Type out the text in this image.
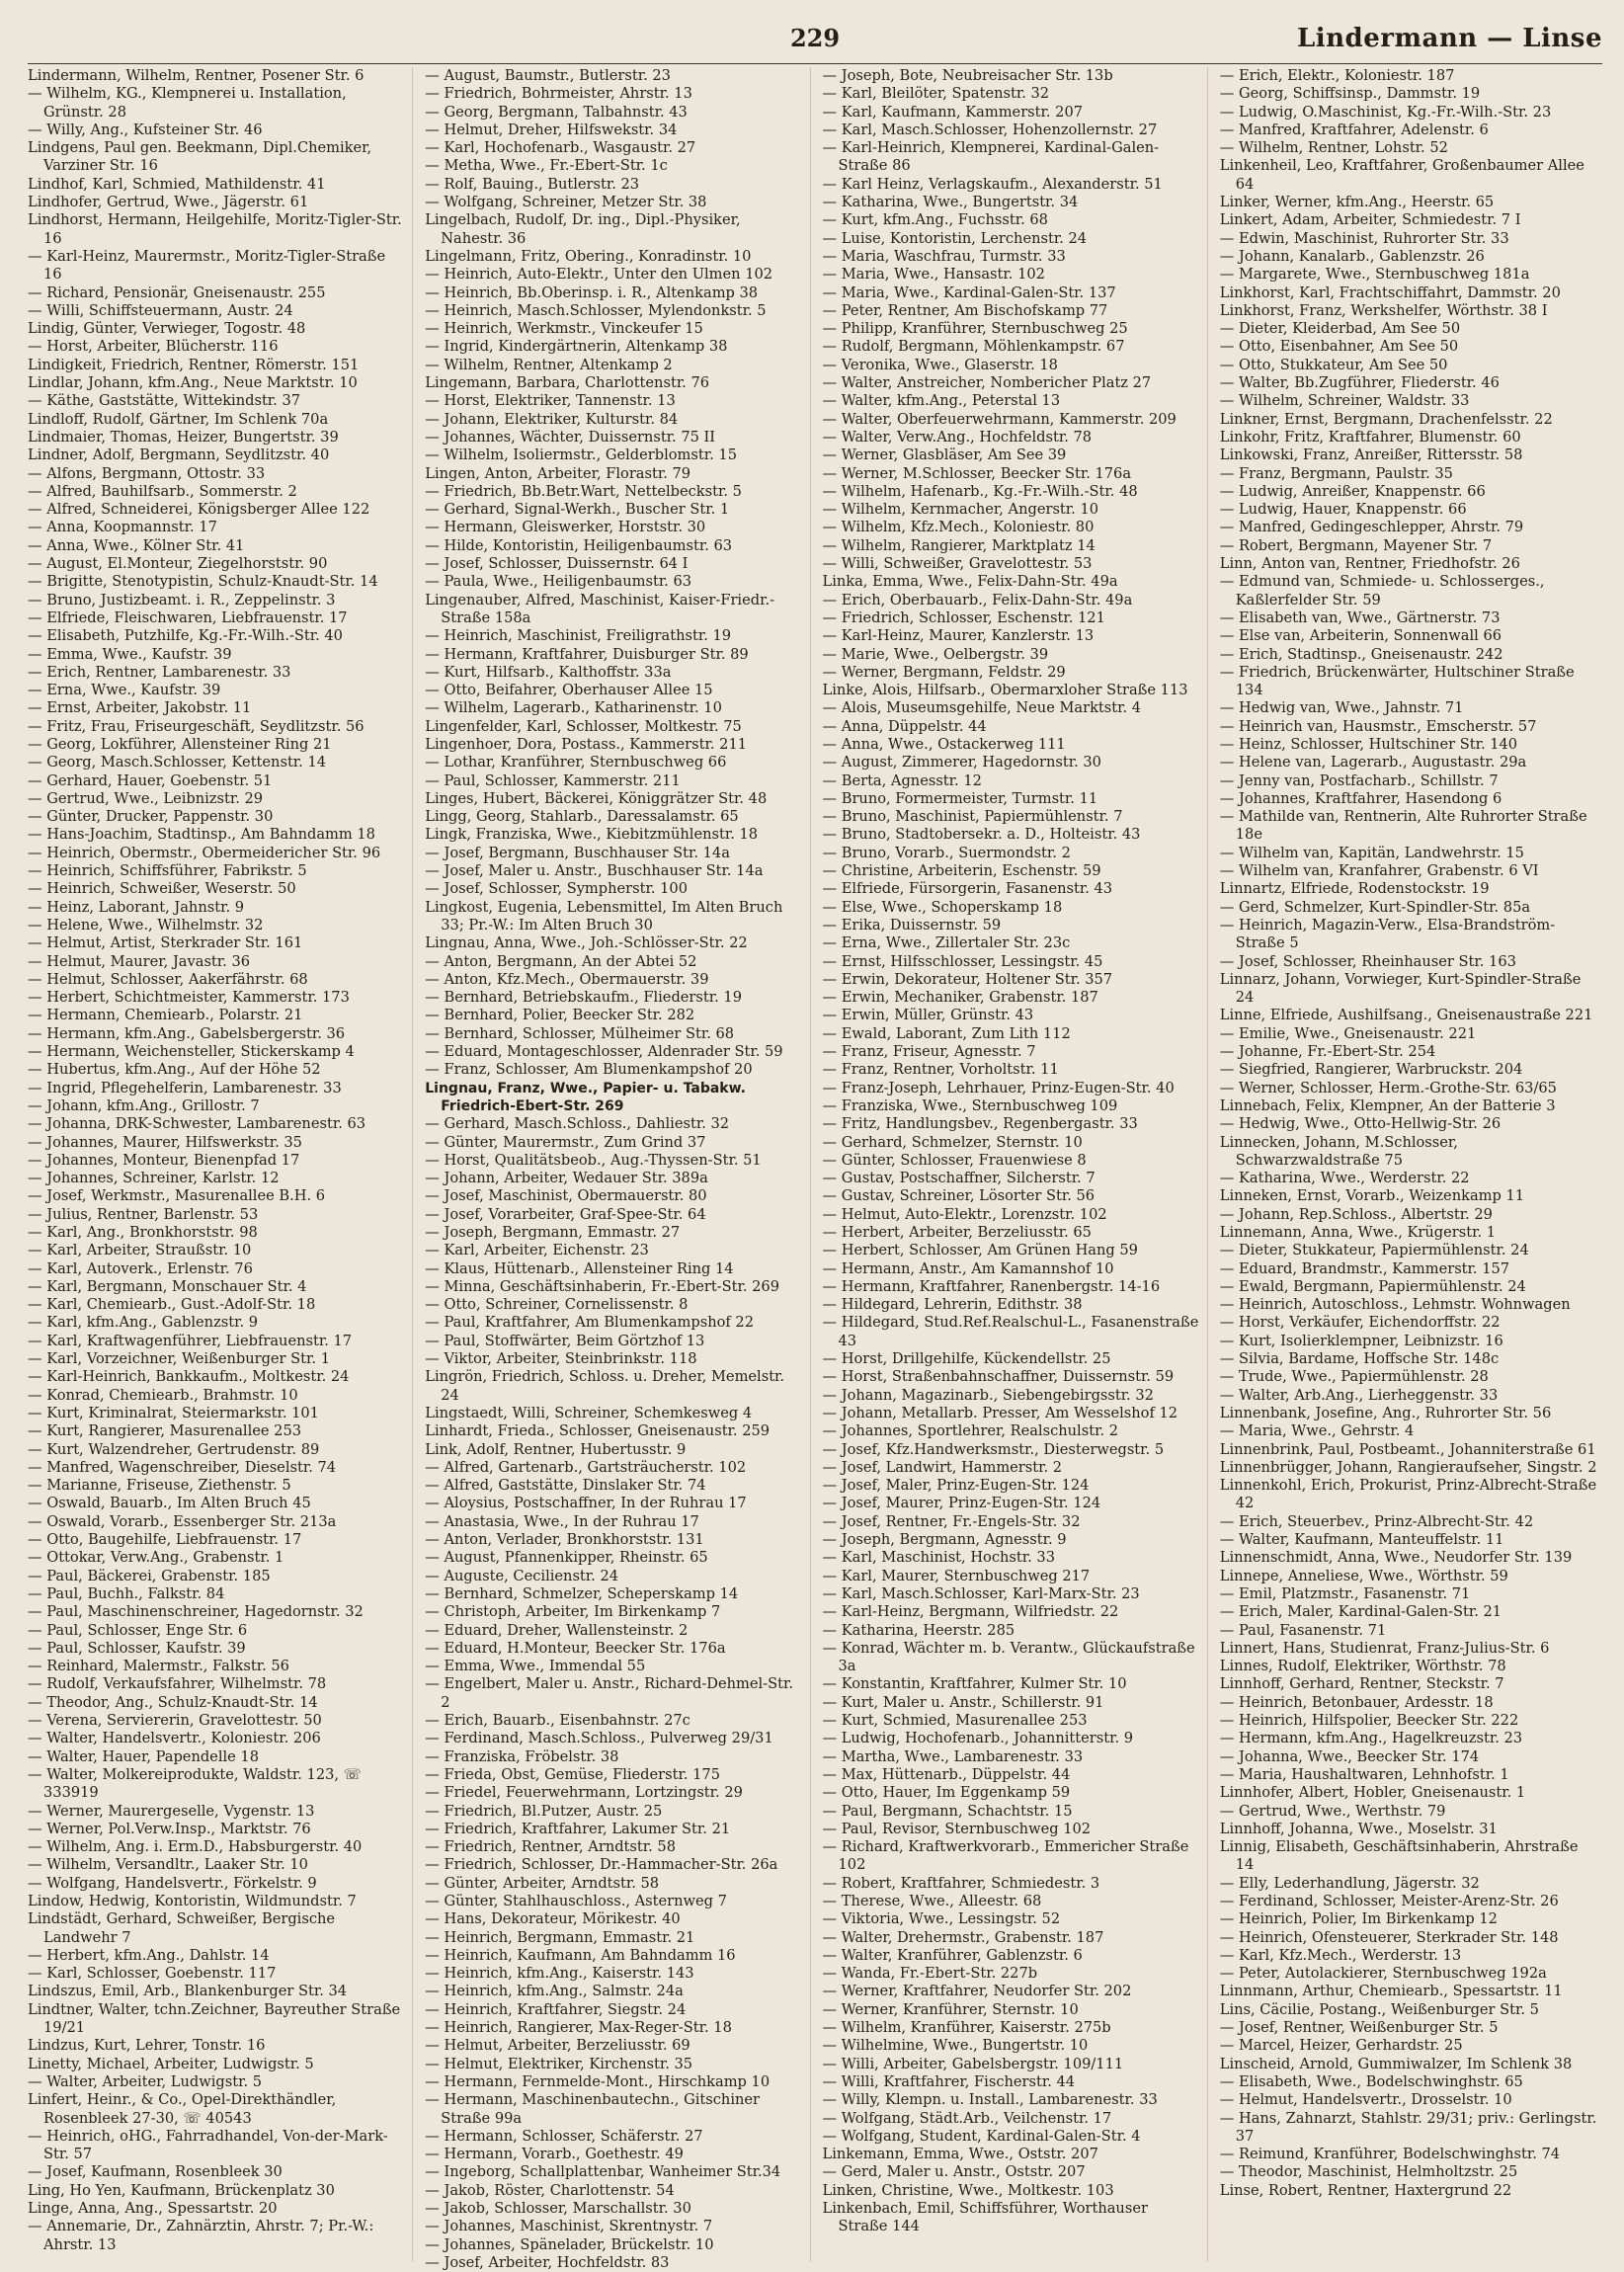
229	Lindermann — Linse
Lindermann, Wilhelm, Rentner, Posener Str. 6
— Wilhelm, KG., Klempnerei u. Installation, Grünstr. 28
— Willy, Ang., Kufsteiner Str. 46
Lindgens, Paul gen. Beekmann, Dipl.Chemiker, Varziner Str. 16
Lindhof, Karl, Schmied, Mathildenstr. 41
Lindhofer, Gertrud, Wwe., Jägerstr. 61
Lindhorst, Hermann, Heilgehilfe, Moritz-Tigler-Str. 16
— Karl-Heinz, Maurermstr., Moritz-Tigler-Straße 16
— Richard, Pensionär, Gneisenaustr. 255
— Willi, Schiffsteuermann, Austr. 24
Lindig, Günter, Verwieger, Togostr. 48
— Horst, Arbeiter, Blücherstr. 116
Lindigkeit, Friedrich, Rentner, Römerstr. 151
Lindlar, Johann, kfm.Ang., Neue Marktstr. 10
— Käthe, Gaststätte, Wittekindstr. 37
Lindloff, Rudolf, Gärtner, Im Schlenk 70a
Lindmaier, Thomas, Heizer, Bungertstr. 39
Lindner, Adolf, Bergmann, Seydlitzstr. 40
— Alfons, Bergmann, Ottostr. 33
— Alfred, Bauhilfsarb., Sommerstr. 2
— Alfred, Schneiderei, Königsberger Allee 122
— Anna, Koopmannstr. 17
— Anna, Wwe., Kölner Str. 41
— August, El.Monteur, Ziegelhorststr. 90
— Brigitte, Stenotypistin, Schulz-Knaudt-Str. 14
— Bruno, Justizbeamt. i. R., Zeppelinstr. 3
— Elfriede, Fleischwaren, Liebfrauenstr. 17
— Elisabeth, Putzhilfe, Kg.-Fr.-Wilh.-Str. 40
— Emma, Wwe., Kaufstr. 39
— Erich, Rentner, Lambarenestr. 33
— Erna, Wwe., Kaufstr. 39
— Ernst, Arbeiter, Jakobstr. 11
— Fritz, Frau, Friseurgeschäft, Seydlitzstr. 56
— Georg, Lokführer, Allensteiner Ring 21
— Georg, Masch.Schlosser, Kettenstr. 14
— Gerhard, Hauer, Goebenstr. 51
— Gertrud, Wwe., Leibnizstr. 29
— Günter, Drucker, Pappenstr. 30
— Hans-Joachim, Stadtinsp., Am Bahndamm 18
— Heinrich, Obermstr., Obermeidericher Str. 96
— Heinrich, Schiffsführer, Fabrikstr. 5
— Heinrich, Schweißer, Weserstr. 50
— Heinz, Laborant, Jahnstr. 9
— Helene, Wwe., Wilhelmstr. 32
— Helmut, Artist, Sterkrader Str. 161
— Helmut, Maurer, Javastr. 36
— Helmut, Schlosser, Aakerfährstr. 68
— Herbert, Schichtmeister, Kammerstr. 173
— Hermann, Chemiearb., Polarstr. 21
— Hermann, kfm.Ang., Gabelsbergerstr. 36
— Hermann, Weichensteller, Stickerskamp 4
— Hubertus, kfm.Ang., Auf der Höhe 52
— Ingrid, Pflegehelferin, Lambarenestr. 33
— Johann, kfm.Ang., Grillostr. 7
— Johanna, DRK-Schwester, Lambarenestr. 63
— Johannes, Maurer, Hilfswerkstr. 35
— Johannes, Monteur, Bienenpfad 17
— Johannes, Schreiner, Karlstr. 12
— Josef, Werkmstr., Masurenallee B.H. 6
— Julius, Rentner, Barlenstr. 53
— Karl, Ang., Bronkhorststr. 98
— Karl, Arbeiter, Straußstr. 10
— Karl, Autoverk., Erlenstr. 76
— Karl, Bergmann, Monschauer Str. 4
— Karl, Chemiearb., Gust.-Adolf-Str. 18
— Karl, kfm.Ang., Gablenzstr. 9
— Karl, Kraftwagenführer, Liebfrauenstr. 17
— Karl, Vorzeichner, Weißenburger Str. 1
— Karl-Heinrich, Bankkaufm., Moltkestr. 24
— Konrad, Chemiearb., Brahmstr. 10
— Kurt, Kriminalrat, Steiermarkstr. 101
— Kurt, Rangierer, Masurenallee 253
— Kurt, Walzendreher, Gertrudenstr. 89
— Manfred, Wagenschreiber, Dieselstr. 74
— Marianne, Friseuse, Ziethenstr. 5
— Oswald, Bauarb., Im Alten Bruch 45
— Oswald, Vorarb., Essenberger Str. 213a
— Otto, Baugehilfe, Liebfrauenstr. 17
— Ottokar, Verw.Ang., Grabenstr. 1
— Paul, Bäckerei, Grabenstr. 185
— Paul, Buchh., Falkstr. 84
— Paul, Maschinenschreiner, Hagedornstr. 32
— Paul, Schlosser, Enge Str. 6
— Paul, Schlosser, Kaufstr. 39
— Reinhard, Malermstr., Falkstr. 56
— Rudolf, Verkaufsfahrer, Wilhelmstr. 78
— Theodor, Ang., Schulz-Knaudt-Str. 14
— Verena, Serviererin, Gravelottestr. 50
— Walter, Handelsvertr., Koloniestr. 206
— Walter, Hauer, Papendelle 18
— Walter, Molkereiprodukte, Waldstr. 123, ☏ 333919
— Werner, Maurergeselle, Vygenstr. 13
— Werner, Pol.Verw.Insp., Marktstr. 76
— Wilhelm, Ang. i. Erm.D., Habsburgerstr. 40
— Wilhelm, Versandltr., Laaker Str. 10
— Wolfgang, Handelsvertr., Förkelstr. 9
Lindow, Hedwig, Kontoristin, Wildmundstr. 7
Lindstädt, Gerhard, Schweißer, Bergische Landwehr 7
— Herbert, kfm.Ang., Dahlstr. 14
— Karl, Schlosser, Goebenstr. 117
Lindszus, Emil, Arb., Blankenburger Str. 34
Lindtner, Walter, tchn.Zeichner, Bayreuther Straße 19/21
Lindzus, Kurt, Lehrer, Tonstr. 16
Linetty, Michael, Arbeiter, Ludwigstr. 5
— Walter, Arbeiter, Ludwigstr. 5
Linfert, Heinr., & Co., Opel-Direkthändler, Rosenbleek 27-30, ☏ 40543
— Heinrich, oHG., Fahrradhandel, Von-der-Mark-Str. 57
— Josef, Kaufmann, Rosenbleek 30
Ling, Ho Yen, Kaufmann, Brückenplatz 30
Linge, Anna, Ang., Spessartstr. 20
— Annemarie, Dr., Zahnärztin, Ahrstr. 7; Pr.-W.: Ahrstr. 13
— August, Baumstr., Butlerstr. 23
— Friedrich, Bohrmeister, Ahrstr. 13
— Georg, Bergmann, Talbahnstr. 43
— Helmut, Dreher, Hilfswekstr. 34
— Karl, Hochofenarb., Wasgaustr. 27
— Metha, Wwe., Fr.-Ebert-Str. 1c
— Rolf, Bauing., Butlerstr. 23
— Wolfgang, Schreiner, Metzer Str. 38
Lingelbach, Rudolf, Dr. ing., Dipl.-Physiker, Nahestr. 36
Lingelmann, Fritz, Obering., Konradinstr. 10
— Heinrich, Auto-Elektr., Unter den Ulmen 102
— Heinrich, Bb.Oberinsp. i. R., Altenkamp 38
— Heinrich, Masch.Schlosser, Mylendonkstr. 5
— Heinrich, Werkmstr., Vinckeufer 15
— Ingrid, Kindergärtnerin, Altenkamp 38
— Wilhelm, Rentner, Altenkamp 2
Lingemann, Barbara, Charlottenstr. 76
— Horst, Elektriker, Tannenstr. 13
— Johann, Elektriker, Kulturstr. 84
— Johannes, Wächter, Duissernstr. 75 II
— Wilhelm, Isoliermstr., Gelderblomstr. 15
Lingen, Anton, Arbeiter, Florastr. 79
— Friedrich, Bb.Betr.Wart, Nettelbeckstr. 5
— Gerhard, Signal-Werkh., Buscher Str. 1
— Hermann, Gleiswerker, Horststr. 30
— Hilde, Kontoristin, Heiligenbaumstr. 63
— Josef, Schlosser, Duissernstr. 64 I
— Paula, Wwe., Heiligenbaumstr. 63
Lingenauber, Alfred, Maschinist, Kaiser-Friedr.-Straße 158a
— Heinrich, Maschinist, Freiligrathstr. 19
— Hermann, Kraftfahrer, Duisburger Str. 89
— Kurt, Hilfsarb., Kalthoffstr. 33a
— Otto, Beifahrer, Oberhauser Allee 15
— Wilhelm, Lagerarb., Katharinenstr. 10
Lingenfelder, Karl, Schlosser, Moltkestr. 75
Lingenhoer, Dora, Postass., Kammerstr. 211
— Lothar, Kranführer, Sternbuschweg 66
— Paul, Schlosser, Kammerstr. 211
Linges, Hubert, Bäckerei, Königgrätzer Str. 48
Lingg, Georg, Stahlarb., Daressalamstr. 65
Lingk, Franziska, Wwe., Kiebitzmühlenstr. 18
— Josef, Bergmann, Buschhauser Str. 14a
— Josef, Maler u. Anstr., Buschhauser Str. 14a
— Josef, Schlosser, Sympherstr. 100
Lingkost, Eugenia, Lebensmittel, Im Alten Bruch 33; Pr.-W.: Im Alten Bruch 30
Lingnau, Anna, Wwe., Joh.-Schlösser-Str. 22
— Anton, Bergmann, An der Abtei 52
— Anton, Kfz.Mech., Obermauerstr. 39
— Bernhard, Betriebskaufm., Fliederstr. 19
— Bernhard, Polier, Beecker Str. 282
— Bernhard, Schlosser, Mülheimer Str. 68
— Eduard, Montageschlosser, Aldenrader Str. 59
— Franz, Schlosser, Am Blumenkampshof 20
Lingnau, Franz, Wwe., Papier- u. Tabakw. Friedrich-Ebert-Str. 269
— Gerhard, Masch.Schloss., Dahliestr. 32
— Günter, Maurermstr., Zum Grind 37
— Horst, Qualitätsbeob., Aug.-Thyssen-Str. 51
— Johann, Arbeiter, Wedauer Str. 389a
— Josef, Maschinist, Obermauerstr. 80
— Josef, Vorarbeiter, Graf-Spee-Str. 64
— Joseph, Bergmann, Emmastr. 27
— Karl, Arbeiter, Eichenstr. 23
— Klaus, Hüttenarb., Allensteiner Ring 14
— Minna, Geschäftsinhaberin, Fr.-Ebert-Str. 269
— Otto, Schreiner, Cornelissenstr. 8
— Paul, Kraftfahrer, Am Blumenkampshof 22
— Paul, Stoffwärter, Beim Görtzhof 13
— Viktor, Arbeiter, Steinbrinkstr. 118
Lingrön, Friedrich, Schloss. u. Dreher, Memelstr. 24
Lingstaedt, Willi, Schreiner, Schemkesweg 4
Linhardt, Frieda., Schlosser, Gneisenaustr. 259
Link, Adolf, Rentner, Hubertusstr. 9
— Alfred, Gartenarb., Gartsträucherstr. 102
— Alfred, Gaststätte, Dinslaker Str. 74
— Aloysius, Postschaffner, In der Ruhrau 17
— Anastasia, Wwe., In der Ruhrau 17
— Anton, Verlader, Bronkhorststr. 131
— August, Pfannenkipper, Rheinstr. 65
— Auguste, Cecilienstr. 24
— Bernhard, Schmelzer, Scheperskamp 14
— Christoph, Arbeiter, Im Birkenkamp 7
— Eduard, Dreher, Wallensteinstr. 2
— Eduard, H.Monteur, Beecker Str. 176a
— Emma, Wwe., Immendal 55
— Engelbert, Maler u. Anstr., Richard-Dehmel-Str. 2
— Erich, Bauarb., Eisenbahnstr. 27c
— Ferdinand, Masch.Schloss., Pulverweg 29/31
— Franziska, Fröbelstr. 38
— Frieda, Obst, Gemüse, Fliederstr. 175
— Friedel, Feuerwehrmann, Lortzingstr. 29
— Friedrich, Bl.Putzer, Austr. 25
— Friedrich, Kraftfahrer, Lakumer Str. 21
— Friedrich, Rentner, Arndtstr. 58
— Friedrich, Schlosser, Dr.-Hammacher-Str. 26a
— Günter, Arbeiter, Arndtstr. 58
— Günter, Stahlhauschloss., Asternweg 7
— Hans, Dekorateur, Mörikestr. 40
— Heinrich, Bergmann, Emmastr. 21
— Heinrich, Kaufmann, Am Bahndamm 16
— Heinrich, kfm.Ang., Kaiserstr. 143
— Heinrich, kfm.Ang., Salmstr. 24a
— Heinrich, Kraftfahrer, Siegstr. 24
— Heinrich, Rangierer, Max-Reger-Str. 18
— Helmut, Arbeiter, Berzeliusstr. 69
— Helmut, Elektriker, Kirchenstr. 35
— Hermann, Fernmelde-Mont., Hirschkamp 10
— Hermann, Maschinenbautechn., Gitschiner Straße 99a
— Hermann, Schlosser, Schäferstr. 27
— Hermann, Vorarb., Goethestr. 49
— Ingeborg, Schallplattenbar, Wanheimer Str.34
— Jakob, Röster, Charlottenstr. 54
— Jakob, Schlosser, Marschallstr. 30
— Johannes, Maschinist, Skrentnystr. 7
— Johannes, Spänelader, Brückelstr. 10
— Josef, Arbeiter, Hochfeldstr. 83
— Joseph, Bote, Neubreisacher Str. 13b
— Karl, Bleilöter, Spatenstr. 32
— Karl, Kaufmann, Kammerstr. 207
— Karl, Masch.Schlosser, Hohenzollernstr. 27
— Karl-Heinrich, Klempnerei, Kardinal-Galen-Straße 86
— Karl Heinz, Verlagskaufm., Alexanderstr. 51
— Katharina, Wwe., Bungertstr. 34
— Kurt, kfm.Ang., Fuchsstr. 68
— Luise, Kontoristin, Lerchenstr. 24
— Maria, Waschfrau, Turmstr. 33
— Maria, Wwe., Hansastr. 102
— Maria, Wwe., Kardinal-Galen-Str. 137
— Peter, Rentner, Am Bischofskamp 77
— Philipp, Kranführer, Sternbuschweg 25
— Rudolf, Bergmann, Möhlenkampstr. 67
— Veronika, Wwe., Glaserstr. 18
— Walter, Anstreicher, Nombericher Platz 27
— Walter, kfm.Ang., Peterstal 13
— Walter, Oberfeuerwehrmann, Kammerstr. 209
— Walter, Verw.Ang., Hochfeldstr. 78
— Werner, Glasbläser, Am See 39
— Werner, M.Schlosser, Beecker Str. 176a
— Wilhelm, Hafenarb., Kg.-Fr.-Wilh.-Str. 48
— Wilhelm, Kernmacher, Angerstr. 10
— Wilhelm, Kfz.Mech., Koloniestr. 80
— Wilhelm, Rangierer, Marktplatz 14
— Willi, Schweißer, Gravelottestr. 53
Linka, Emma, Wwe., Felix-Dahn-Str. 49a
— Erich, Oberbauarb., Felix-Dahn-Str. 49a
— Friedrich, Schlosser, Eschenstr. 121
— Karl-Heinz, Maurer, Kanzlerstr. 13
— Marie, Wwe., Oelbergstr. 39
— Werner, Bergmann, Feldstr. 29
Linke, Alois, Hilfsarb., Obermarxloher Straße 113
— Alois, Museumsgehilfe, Neue Marktstr. 4
— Anna, Düppelstr. 44
— Anna, Wwe., Ostackerweg 111
— August, Zimmerer, Hagedornstr. 30
— Berta, Agnesstr. 12
— Bruno, Formermeister, Turmstr. 11
— Bruno, Maschinist, Papiermühlenstr. 7
— Bruno, Stadtobersekr. a. D., Holteistr. 43
— Bruno, Vorarb., Suermondstr. 2
— Christine, Arbeiterin, Eschenstr. 59
— Elfriede, Fürsorgerin, Fasanenstr. 43
— Else, Wwe., Schoperskamp 18
— Erika, Duissernstr. 59
— Erna, Wwe., Zillertaler Str. 23c
— Ernst, Hilfsschlosser, Lessingstr. 45
— Erwin, Dekorateur, Holtener Str. 357
— Erwin, Mechaniker, Grabenstr. 187
— Erwin, Müller, Grünstr. 43
— Ewald, Laborant, Zum Lith 112
— Franz, Friseur, Agnesstr. 7
— Franz, Rentner, Vorholtstr. 11
— Franz-Joseph, Lehrhauer, Prinz-Eugen-Str. 40
— Franziska, Wwe., Sternbuschweg 109
— Fritz, Handlungsbev., Regenbergastr. 33
— Gerhard, Schmelzer, Sternstr. 10
— Günter, Schlosser, Frauenwiese 8
— Gustav, Postschaffner, Silcherstr. 7
— Gustav, Schreiner, Lösorter Str. 56
— Helmut, Auto-Elektr., Lorenzstr. 102
— Herbert, Arbeiter, Berzeliusstr. 65
— Herbert, Schlosser, Am Grünen Hang 59
— Hermann, Anstr., Am Kamannshof 10
— Hermann, Kraftfahrer, Ranenbergstr. 14-16
— Hildegard, Lehrerin, Edithstr. 38
— Hildegard, Stud.Ref.Realschul-L., Fasanenstraße 43
— Horst, Drillgehilfe, Kückendellstr. 25
— Horst, Straßenbahnschaffner, Duissernstr. 59
— Johann, Magazinarb., Siebengebirgsstr. 32
— Johann, Metallarb. Presser, Am Wesselshof 12
— Johannes, Sportlehrer, Realschulstr. 2
— Josef, Kfz.Handwerksmstr., Diesterwegstr. 5
— Josef, Landwirt, Hammerstr. 2
— Josef, Maler, Prinz-Eugen-Str. 124
— Josef, Maurer, Prinz-Eugen-Str. 124
— Josef, Rentner, Fr.-Engels-Str. 32
— Joseph, Bergmann, Agnesstr. 9
— Karl, Maschinist, Hochstr. 33
— Karl, Maurer, Sternbuschweg 217
— Karl, Masch.Schlosser, Karl-Marx-Str. 23
— Karl-Heinz, Bergmann, Wilfriedstr. 22
— Katharina, Heerstr. 285
— Konrad, Wächter m. b. Verantw., Glückaufstraße 3a
— Konstantin, Kraftfahrer, Kulmer Str. 10
— Kurt, Maler u. Anstr., Schillerstr. 91
— Kurt, Schmied, Masurenallee 253
— Ludwig, Hochofenarb., Johannitterstr. 9
— Martha, Wwe., Lambarenestr. 33
— Max, Hüttenarb., Düppelstr. 44
— Otto, Hauer, Im Eggenkamp 59
— Paul, Bergmann, Schachtstr. 15
— Paul, Revisor, Sternbuschweg 102
— Richard, Kraftwerkvorarb., Emmericher Straße 102
— Robert, Kraftfahrer, Schmiedestr. 3
— Therese, Wwe., Alleestr. 68
— Viktoria, Wwe., Lessingstr. 52
— Walter, Drehermstr., Grabenstr. 187
— Walter, Kranführer, Gablenzstr. 6
— Wanda, Fr.-Ebert-Str. 227b
— Werner, Kraftfahrer, Neudorfer Str. 202
— Werner, Kranführer, Sternstr. 10
— Wilhelm, Kranführer, Kaiserstr. 275b
— Wilhelmine, Wwe., Bungertstr. 10
— Willi, Arbeiter, Gabelsbergstr. 109/111
— Willi, Kraftfahrer, Fischerstr. 44
— Willy, Klempn. u. Install., Lambarenestr. 33
— Wolfgang, Städt.Arb., Veilchenstr. 17
— Wolfgang, Student, Kardinal-Galen-Str. 4
Linkemann, Emma, Wwe., Oststr. 207
— Gerd, Maler u. Anstr., Oststr. 207
Linken, Christine, Wwe., Moltkestr. 103
Linkenbach, Emil, Schiffsführer, Worthauser Straße 144
— Erich, Elektr., Koloniestr. 187
— Georg, Schiffsinsp., Dammstr. 19
— Ludwig, O.Maschinist, Kg.-Fr.-Wilh.-Str. 23
— Manfred, Kraftfahrer, Adelenstr. 6
— Wilhelm, Rentner, Lohstr. 52
Linkenheil, Leo, Kraftfahrer, Großenbaumer Allee 64
Linker, Werner, kfm.Ang., Heerstr. 65
Linkert, Adam, Arbeiter, Schmiedestr. 7 I
— Edwin, Maschinist, Ruhrorter Str. 33
— Johann, Kanalarb., Gablenzstr. 26
— Margarete, Wwe., Sternbuschweg 181a
Linkhorst, Karl, Frachtschiffahrt, Dammstr. 20
Linkhorst, Franz, Werkshelfer, Wörthstr. 38 I
— Dieter, Kleiderbad, Am See 50
— Otto, Eisenbahner, Am See 50
— Otto, Stukkateur, Am See 50
— Walter, Bb.Zugführer, Fliederstr. 46
— Wilhelm, Schreiner, Waldstr. 33
Linkner, Ernst, Bergmann, Drachenfelsstr. 22
Linkohr, Fritz, Kraftfahrer, Blumenstr. 60
Linkowski, Franz, Anreißer, Rittersstr. 58
— Franz, Bergmann, Paulstr. 35
— Ludwig, Anreißer, Knappenstr. 66
— Ludwig, Hauer, Knappenstr. 66
— Manfred, Gedingeschlepper, Ahrstr. 79
— Robert, Bergmann, Mayener Str. 7
Linn, Anton van, Rentner, Friedhofstr. 26
— Edmund van, Schmiede- u. Schlosserges., Kaßlerfelder Str. 59
— Elisabeth van, Wwe., Gärtnerstr. 73
— Else van, Arbeiterin, Sonnenwall 66
— Erich, Stadtinsp., Gneisenaustr. 242
— Friedrich, Brückenwärter, Hultschiner Straße 134
— Hedwig van, Wwe., Jahnstr. 71
— Heinrich van, Hausmstr., Emscherstr. 57
— Heinz, Schlosser, Hultschiner Str. 140
— Helene van, Lagerarb., Augustastr. 29a
— Jenny van, Postfacharb., Schillstr. 7
— Johannes, Kraftfahrer, Hasendong 6
— Mathilde van, Rentnerin, Alte Ruhrorter Straße 18e
— Wilhelm van, Kapitän, Landwehrstr. 15
— Wilhelm van, Kranfahrer, Grabenstr. 6 VI
Linnartz, Elfriede, Rodenstockstr. 19
— Gerd, Schmelzer, Kurt-Spindler-Str. 85a
— Heinrich, Magazin-Verw., Elsa-Brandström-Straße 5
— Josef, Schlosser, Rheinhauser Str. 163
Linnarz, Johann, Vorwieger, Kurt-Spindler-Straße 24
Linne, Elfriede, Aushilfsang., Gneisenaustraße 221
— Emilie, Wwe., Gneisenaustr. 221
— Johanne, Fr.-Ebert-Str. 254
— Siegfried, Rangierer, Warbruckstr. 204
— Werner, Schlosser, Herm.-Grothe-Str. 63/65
Linnebach, Felix, Klempner, An der Batterie 3
— Hedwig, Wwe., Otto-Hellwig-Str. 26
Linnecken, Johann, M.Schlosser, Schwarzwaldstraße 75
— Katharina, Wwe., Werderstr. 22
Linneken, Ernst, Vorarb., Weizenkamp 11
— Johann, Rep.Schloss., Albertstr. 29
Linnemann, Anna, Wwe., Krügerstr. 1
— Dieter, Stukkateur, Papiermühlenstr. 24
— Eduard, Brandmstr., Kammerstr. 157
— Ewald, Bergmann, Papiermühlenstr. 24
— Heinrich, Autoschloss., Lehmstr. Wohnwagen
— Horst, Verkäufer, Eichendorffstr. 22
— Kurt, Isolierklempner, Leibnizstr. 16
— Silvia, Bardame, Hoffsche Str. 148c
— Trude, Wwe., Papiermühlenstr. 28
— Walter, Arb.Ang., Lierheggenstr. 33
Linnenbank, Josefine, Ang., Ruhrorter Str. 56
— Maria, Wwe., Gehrstr. 4
Linnenbrink, Paul, Postbeamt., Johanniterstraße 61
Linnenbrügger, Johann, Rangieraufseher, Singstr. 2
Linnenkohl, Erich, Prokurist, Prinz-Albrecht-Straße 42
— Erich, Steuerbev., Prinz-Albrecht-Str. 42
— Walter, Kaufmann, Manteuffelstr. 11
Linnenschmidt, Anna, Wwe., Neudorfer Str. 139
Linnepe, Anneliese, Wwe., Wörthstr. 59
— Emil, Platzmstr., Fasanenstr. 71
— Erich, Maler, Kardinal-Galen-Str. 21
— Paul, Fasanenstr. 71
Linnert, Hans, Studienrat, Franz-Julius-Str. 6
Linnes, Rudolf, Elektriker, Wörthstr. 78
Linnhoff, Gerhard, Rentner, Steckstr. 7
— Heinrich, Betonbauer, Ardesstr. 18
— Heinrich, Hilfspolier, Beecker Str. 222
— Hermann, kfm.Ang., Hagelkreuzstr. 23
— Johanna, Wwe., Beecker Str. 174
— Maria, Haushaltwaren, Lehnhofstr. 1
Linnhofer, Albert, Hobler, Gneisenaustr. 1
— Gertrud, Wwe., Werthstr. 79
Linnhoff, Johanna, Wwe., Moselstr. 31
Linnig, Elisabeth, Geschäftsinhaberin, Ahrstraße 14
— Elly, Lederhandlung, Jägerstr. 32
— Ferdinand, Schlosser, Meister-Arenz-Str. 26
— Heinrich, Polier, Im Birkenkamp 12
— Heinrich, Ofensteuerer, Sterkrader Str. 148
— Karl, Kfz.Mech., Werderstr. 13
— Peter, Autolackierer, Sternbuschweg 192a
Linnmann, Arthur, Chemiearb., Spessartstr. 11
Lins, Cäcilie, Postang., Weißenburger Str. 5
— Josef, Rentner, Weißenburger Str. 5
— Marcel, Heizer, Gerhardstr. 25
Linscheid, Arnold, Gummiwalzer, Im Schlenk 38
— Elisabeth, Wwe., Bodelschwinghstr. 65
— Helmut, Handelsvertr., Drosselstr. 10
— Hans, Zahnarzt, Stahlstr. 29/31; priv.: Gerlingstr. 37
— Reimund, Kranführer, Bodelschwinghstr. 74
— Theodor, Maschinist, Helmholtzstr. 25
Linse, Robert, Rentner, Haxtergrund 22
